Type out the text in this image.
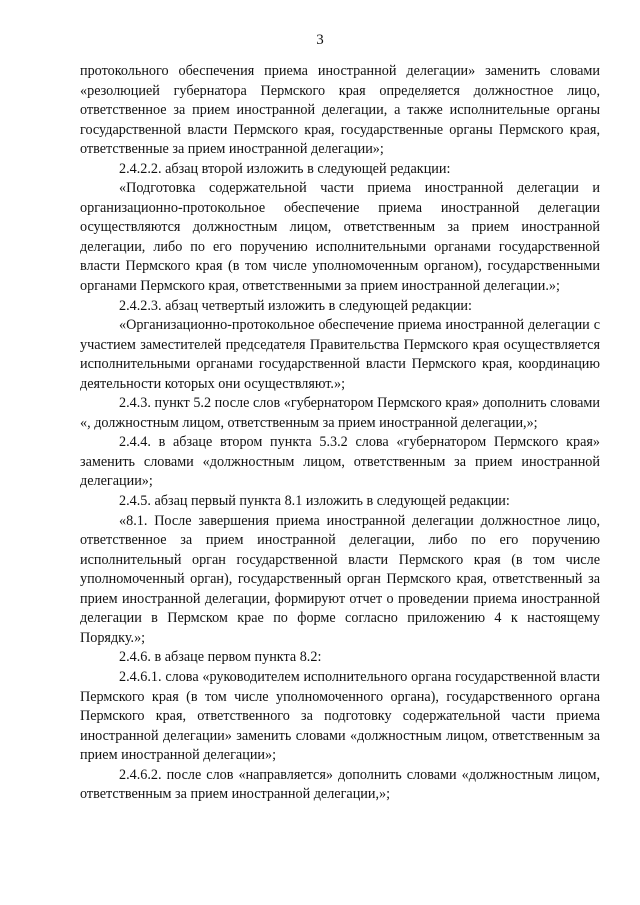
3

протокольного обеспечения приема иностранной делегации» заменить словами «резолюцией губернатора Пермского края определяется должностное лицо, ответственное за прием иностранной делегации, а также исполнительные органы государственной власти Пермского края, государственные органы Пермского края, ответственные за прием иностранной делегации»;

2.4.2.2. абзац второй изложить в следующей редакции:

«Подготовка содержательной части приема иностранной делегации и организационно-протокольное обеспечение приема иностранной делегации осуществляются должностным лицом, ответственным за прием иностранной делегации, либо по его поручению исполнительными органами государственной власти Пермского края (в том числе уполномоченным органом), государственными органами Пермского края, ответственными за прием иностранной делегации.»;

2.4.2.3. абзац четвертый изложить в следующей редакции:

«Организационно-протокольное обеспечение приема иностранной делегации с участием заместителей председателя Правительства Пермского края осуществляется исполнительными органами государственной власти Пермского края, координацию деятельности которых они осуществляют.»;

2.4.3. пункт 5.2 после слов «губернатором Пермского края» дополнить словами «, должностным лицом, ответственным за прием иностранной делегации,»;

2.4.4. в абзаце втором пункта 5.3.2 слова «губернатором Пермского края» заменить словами «должностным лицом, ответственным за прием иностранной делегации»;

2.4.5. абзац первый пункта 8.1 изложить в следующей редакции:

«8.1. После завершения приема иностранной делегации должностное лицо, ответственное за прием иностранной делегации, либо по его поручению исполнительный орган государственной власти Пермского края (в том числе уполномоченный орган), государственный орган Пермского края, ответственный за прием иностранной делегации, формируют отчет о проведении приема иностранной делегации в Пермском крае по форме согласно приложению 4 к настоящему Порядку.»;

2.4.6. в абзаце первом пункта 8.2:

2.4.6.1. слова «руководителем исполнительного органа государственной власти Пермского края (в том числе уполномоченного органа), государственного органа Пермского края, ответственного за подготовку содержательной части приема иностранной делегации» заменить словами «должностным лицом, ответственным за прием иностранной делегации»;

2.4.6.2. после слов «направляется» дополнить словами «должностным лицом, ответственным за прием иностранной делегации,»;
